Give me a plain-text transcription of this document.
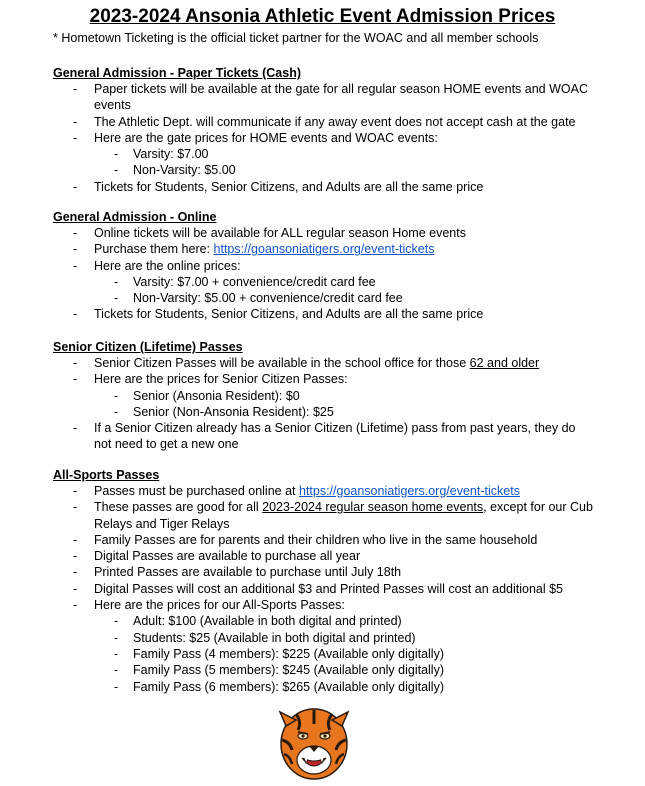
2023-2024 Ansonia Athletic Event Admission Prices

* Hometown Ticketing is the official ticket partner for the WOAC and all member schools

General Admission - Paper Tickets (Cash)

- Paper tickets will be available at the gate for all regular season HOME events and WOAC events
- The Athletic Dept. will communicate if any away event does not accept cash at the gate
- Here are the gate prices for HOME events and WOAC events:
- Varsity: $7.00
- Non-Varsity: $5.00
- Tickets for Students, Senior Citizens, and Adults are all the same price

General Admission - Online

- Online tickets will be available for ALL regular season Home events
- Purchase them here: https://goansoniatigers.org/event-tickets
- Here are the online prices:
- Varsity: $7.00 + convenience/credit card fee
- Non-Varsity: $5.00 + convenience/credit card fee
- Tickets for Students, Senior Citizens, and Adults are all the same price

Senior Citizen (Lifetime) Passes

- Senior Citizen Passes will be available in the school office for those 62 and older
- Here are the prices for Senior Citizen Passes:
- Senior (Ansonia Resident): $0
- Senior (Non-Ansonia Resident): $25
- If a Senior Citizen already has a Senior Citizen (Lifetime) pass from past years, they do not need to get a new one

All-Sports Passes

- Passes must be purchased online at https://goansoniatigers.org/event-tickets
- These passes are good for all 2023-2024 regular season home events, except for our Cub Relays and Tiger Relays
- Family Passes are for parents and their children who live in the same household
- Digital Passes are available to purchase all year
- Printed Passes are available to purchase until July 18th
- Digital Passes will cost an additional $3 and Printed Passes will cost an additional $5
- Here are the prices for our All-Sports Passes:
- Adult: $100 (Available in both digital and printed)
- Students: $25 (Available in both digital and printed)
- Family Pass (4 members): $225 (Available only digitally)
- Family Pass (5 members): $245 (Available only digitally)
- Family Pass (6 members): $265 (Available only digitally)
